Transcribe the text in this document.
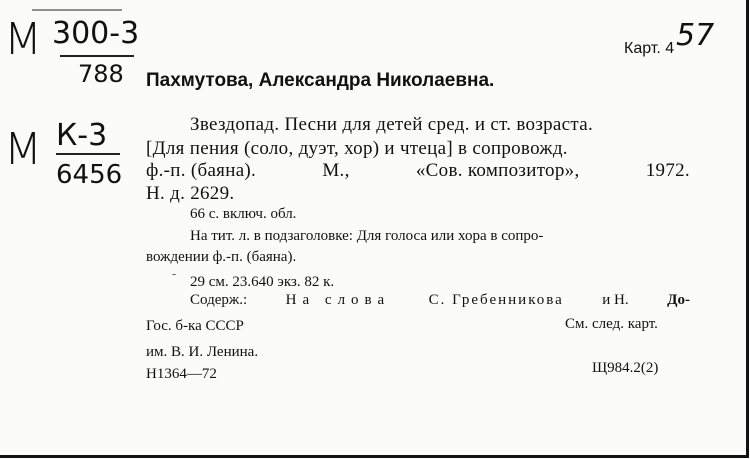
М 300-3
788
М К-3
6456
Карт. 4 57
Пахмутова, Александра Николаевна.
Звездопад. Песни для детей сред. и ст. возраста.
[Для пения (соло, дуэт, хор) и чтеца] в сопровожд.
ф.-п. (баяна).	М.,	«Сов. композитор»,	1972.
Н. д. 2629.
66 с. включ. обл.
На тит. л. в подзаголовке: Для голоса или хора в сопро-
вождении ф.-п. (баяна).
29 см. 23.640 экз. 82 к.
Содерж.:	На слова	С. Гребенникова	и Н.	До-
Гос. б-ка СССР	См. след. карт.
им. В. И. Ленина.
Н1364—72	Щ984.2(2)
ˉ
